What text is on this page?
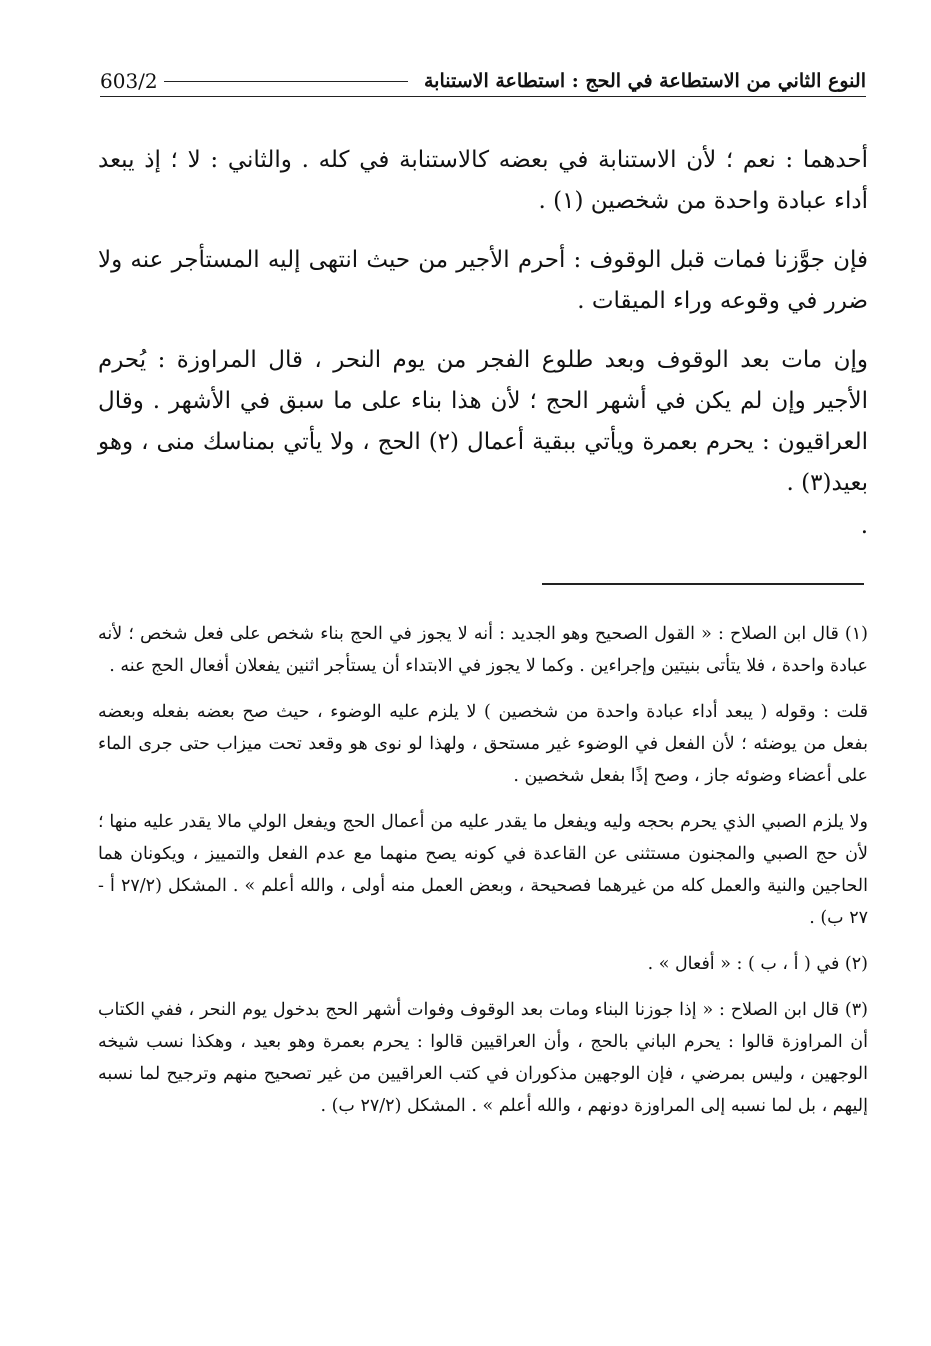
النوع الثاني من الاستطاعة في الحج : استطاعة الاستنابة
603/2

أحدهما : نعم ؛ لأن الاستنابة في بعضه كالاستنابة في كله . والثاني : لا ؛ إذ يبعد أداء عبادة واحدة من شخصين (١) .

فإن جوَّزنا فمات قبل الوقوف : أحرم الأجير من حيث انتهى إليه المستأجر عنه ولا ضرر في وقوعه وراء الميقات .

وإن مات بعد الوقوف وبعد طلوع الفجر من يوم النحر ، قال المراوزة : يُحرم الأجير وإن لم يكن في أشهر الحج ؛ لأن هذا بناء على ما سبق في الأشهر . وقال العراقيون : يحرم بعمرة ويأتي ببقية أعمال (٢) الحج ، ولا يأتي بمناسك منى ، وهو بعيد(٣) .

.

(١) قال ابن الصلاح : « القول الصحيح وهو الجديد : أنه لا يجوز في الحج بناء شخص على فعل شخص ؛ لأنه عبادة واحدة ، فلا يتأتى بنيتين وإجراءين . وكما لا يجوز في الابتداء أن يستأجر اثنين يفعلان أفعال الحج عنه .

قلت : وقوله ( يبعد أداء عبادة واحدة من شخصين ) لا يلزم عليه الوضوء ، حيث صح بعضه بفعله وبعضه بفعل من يوضئه ؛ لأن الفعل في الوضوء غير مستحق ، ولهذا لو نوى هو وقعد تحت ميزاب حتى جرى الماء على أعضاء وضوئه جاز ، وصح إذًا بفعل شخصين .

ولا يلزم الصبي الذي يحرم بحجه وليه ويفعل ما يقدر عليه من أعمال الحج ويفعل الولي مالا يقدر عليه منها ؛ لأن حج الصبي والمجنون مستثنى عن القاعدة في كونه يصح منهما مع عدم الفعل والتمييز ، ويكونان هما الحاجين والنية والعمل كله من غيرهما فصحيحة ، وبعض العمل منه أولى ، والله أعلم » . المشكل (٢٧/٢ أ - ٢٧ ب) .

(٢) في ( أ ، ب ) : « أفعال » .

(٣) قال ابن الصلاح : « إذا جوزنا البناء ومات بعد الوقوف وفوات أشهر الحج بدخول يوم النحر ، ففي الكتاب أن المراوزة قالوا : يحرم الباني بالحج ، وأن العراقيين قالوا : يحرم بعمرة وهو بعيد ، وهكذا نسب شيخه الوجهين ، وليس بمرضي ، فإن الوجهين مذكوران في كتب العراقيين من غير تصحيح منهم وترجيح لما نسبه إليهم ، بل لما نسبه إلى المراوزة دونهم ، والله أعلم » . المشكل (٢٧/٢ ب) .
